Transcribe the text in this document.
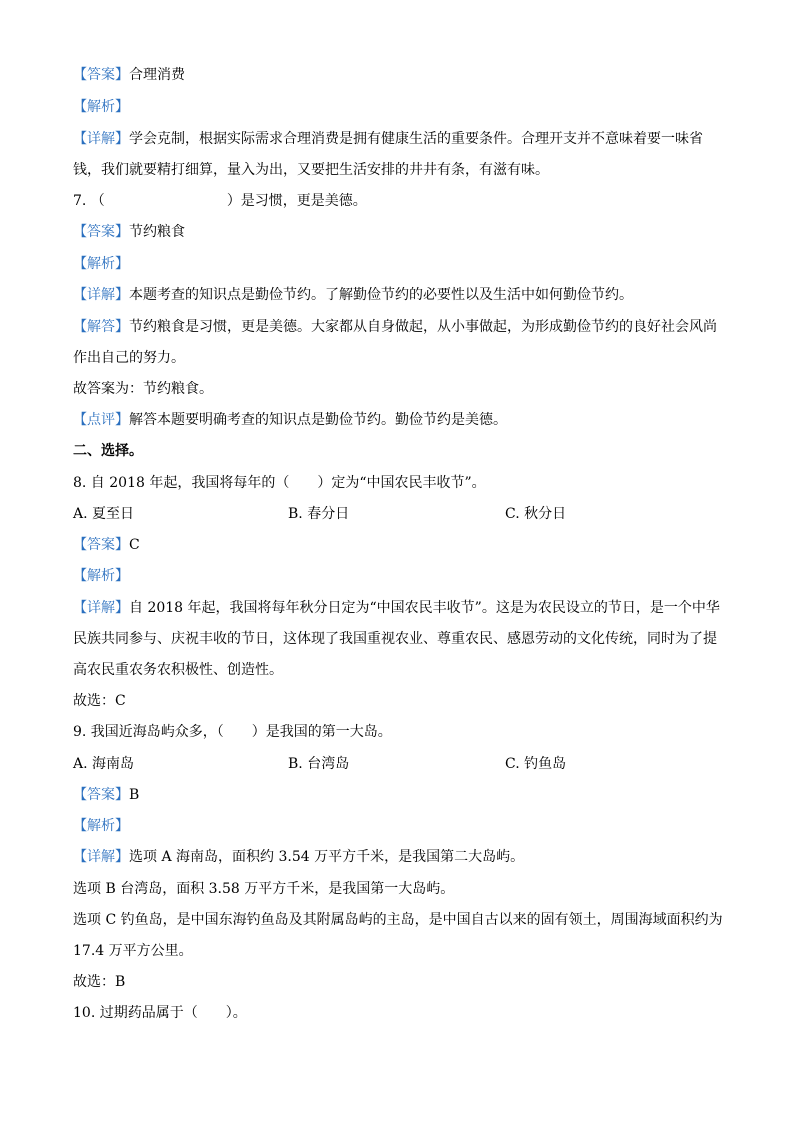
【答案】合理消费
【解析】
【详解】学会克制，根据实际需求合理消费是拥有健康生活的重要条件。合理开支并不意味着要一味省
钱，我们就要精打细算，量入为出，又要把生活安排的井井有条，有滋有味。
7. （	）是习惯，更是美德。
【答案】节约粮食
【解析】
【详解】本题考查的知识点是勤俭节约。了解勤俭节约的必要性以及生活中如何勤俭节约。
【解答】节约粮食是习惯，更是美德。大家都从自身做起，从小事做起，为形成勤俭节约的良好社会风尚
作出自己的努力。
故答案为：节约粮食。
【点评】解答本题要明确考查的知识点是勤俭节约。勤俭节约是美德。
二、选择。
8. 自 2018 年起，我国将每年的（　　）定为“中国农民丰收节”。
A. 夏至日	B. 春分日	C. 秋分日
【答案】C
【解析】
【详解】自 2018 年起，我国将每年秋分日定为“中国农民丰收节”。这是为农民设立的节日，是一个中华
民族共同参与、庆祝丰收的节日，这体现了我国重视农业、尊重农民、感恩劳动的文化传统，同时为了提
高农民重农务农积极性、创造性。
故选：C
9. 我国近海岛屿众多，（　　）是我国的第一大岛。
A. 海南岛	B. 台湾岛	C. 钓鱼岛
【答案】B
【解析】
【详解】选项 A 海南岛，面积约 3.54 万平方千米，是我国第二大岛屿。
选项 B 台湾岛，面积 3.58 万平方千米，是我国第一大岛屿。
选项 C 钓鱼岛，是中国东海钓鱼岛及其附属岛屿的主岛，是中国自古以来的固有领土，周围海域面积约为
17.4 万平方公里。
故选：B
10. 过期药品属于（　　）。
